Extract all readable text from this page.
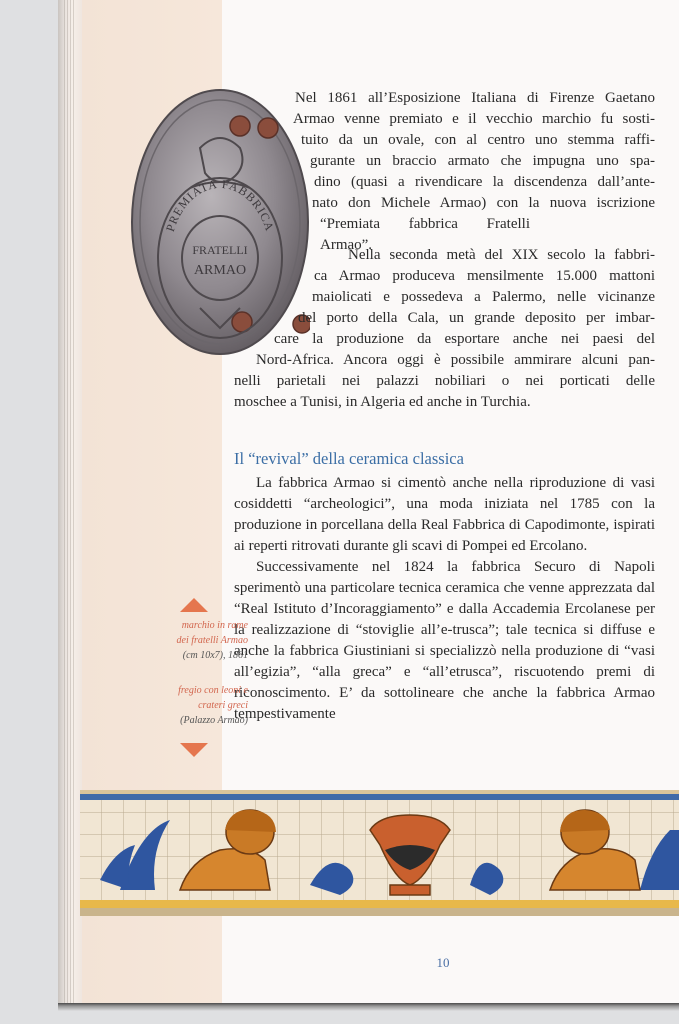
PREMIATA FABBRICA
FRATELLI
ARMAO
Nel 1861 all’Esposizione Italiana di Firenze Gaetano
Armao venne premiato e il vecchio marchio fu sosti-
tuito da un ovale, con al centro uno stemma raffi-
gurante un braccio armato che impugna uno spa-
dino (quasi a rivendicare la discendenza dall’ante-
nato don Michele Armao) con la nuova iscrizione
“Premiata fabbrica Fratelli Armao”.
Nella seconda metà del XIX secolo la fabbri-
ca Armao produceva mensilmente 15.000 mattoni
maiolicati e possedeva a Palermo, nelle vicinanze
del porto della Cala, un grande deposito per imbar-
care la produzione da esportare anche nei paesi del
Nord-Africa. Ancora oggi è possibile ammirare alcuni pan-
nelli parietali nei palazzi nobiliari o nei porticati delle
moschee a Tunisi, in Algeria ed anche in Turchia.
Il “revival” della ceramica classica

La fabbrica Armao si cimentò anche nella riproduzione di vasi cosiddetti “archeologici”, una moda iniziata nel 1785 con la produzione in porcellana della Real Fabbrica di Capodimonte, ispirati ai reperti ritrovati durante gli scavi di Pompei ed Ercolano.

Successivamente nel 1824 la fabbrica Securo di Napoli sperimentò una particolare tecnica ceramica che venne apprezzata dal “Real Istituto d’Incoraggiamento” e dalla Accademia Ercolanese per la realizzazione di “stoviglie all’e-trusca”; tale tecnica si diffuse e anche la fabbrica Giustiniani si specializzò nella produzione di “vasi all’egizia”, “alla greca” e “all’etrusca”, riscuotendo premi di riconoscimento. E’ da sottolineare che anche la fabbrica Armao tempestivamente

marchio in rame
dei fratelli Armao
(cm 10x7), 1861
fregio con leoni e
crateri greci
(Palazzo Armao)
10
